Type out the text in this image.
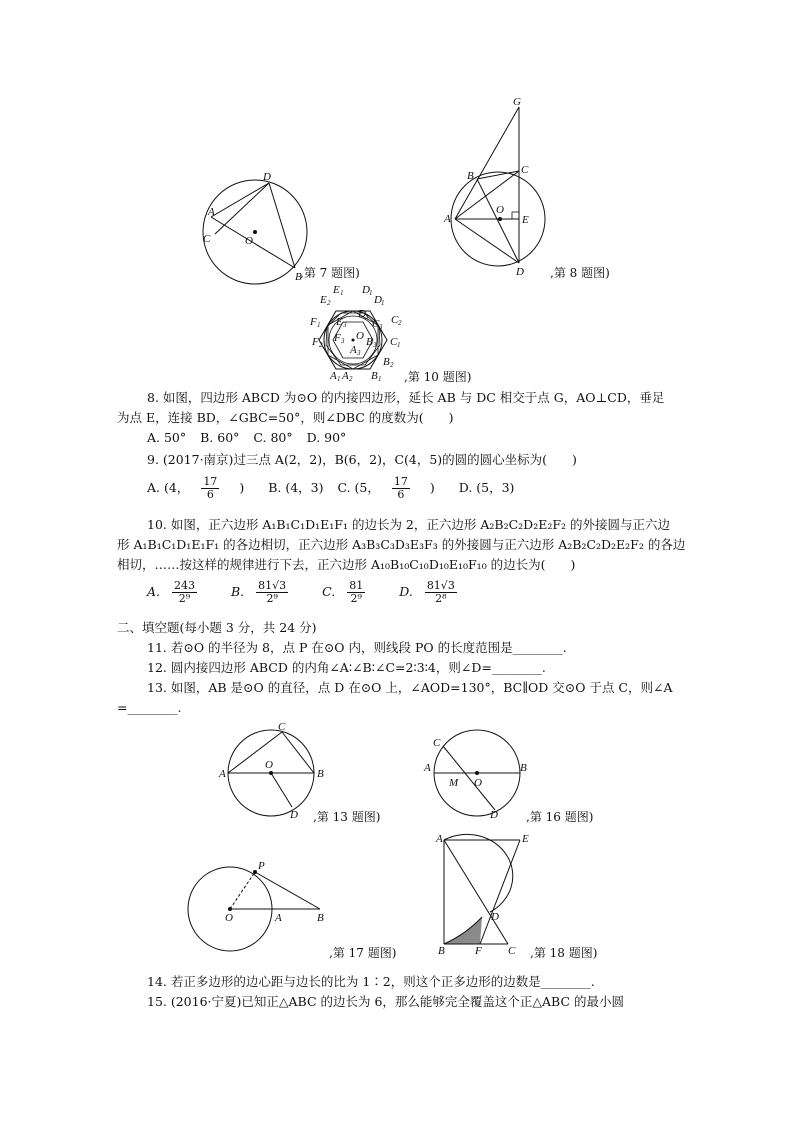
A
C
D
B
O
,第 7 题图)
G
B	C
A
O
E
D ,第 8 题图)
E 1 D 1
E 2	D 1
E 3
D 3
C 3
C 2
C 1
F 1
F 3
F 2
O B 3
A 3
B 2
A 1 A 2 B 1 ,第 10 题图)
8. 如图，四边形 ABCD 为⊙O 的内接四边形，延长 AB 与 DC 相交于点 G，AO⊥CD，垂足
为点 E，连接 BD，∠GBC=50°，则∠DBC 的度数为(　　)
A. 50° B. 60° C. 80° D. 90°
9. (2017·南京)过三点 A(2，2)，B(6，2)，C(4，5)的圆的圆心坐标为(　　)
A. (4， $\frac{17}{6}$ ) B. (4，3) C. (5， $\frac{17}{6}$ ) D. (5，3)
10. 如图，正六边形 A₁B₁C₁D₁E₁F₁ 的边长为 2，正六边形 A₂B₂C₂D₂E₂F₂ 的外接圆与正六边
形 A₁B₁C₁D₁E₁F₁ 的各边相切，正六边形 A₃B₃C₃D₃E₃F₃ 的外接圆与正六边形 A₂B₂C₂D₂E₂F₂ 的各边
相切，……按这样的规律进行下去，正六边形 A₁₀B₁₀C₁₀D₁₀E₁₀F₁₀ 的边长为(　　)
A. $\frac{243}{\text{2⁹}} B$. $\frac{81√3}{\text{2⁹}} C$. $\frac{81}{\text{2⁹}} D$. $\frac{81√3}{\text{2⁸}}$
二、填空题(每小题 3 分，共 24 分)
11. 若⊙O 的半径为 8，点 P 在⊙O 内，则线段 PO 的长度范围是________.
12. 圆内接四边形 ABCD 的内角∠A∶∠B∶∠C=2∶3∶4，则∠D=________.
13. 如图，AB 是⊙O 的直径，点 D 在⊙O 上，∠AOD=130°，BC∥OD 交⊙O 于点 C，则∠A
=________.
A	B
C
O
D ,第 13 题图)
A	B
C
M O
D ,第 16 题图)
P
O	A	B
,第 17 题图)
A	E
D
B	F C ,第 18 题图)
14. 若正多边形的边心距与边长的比为 1∶2，则这个正多边形的边数是________.
15. (2016·宁夏)已知正△ABC 的边长为 6，那么能够完全覆盖这个正△ABC 的最小圆
